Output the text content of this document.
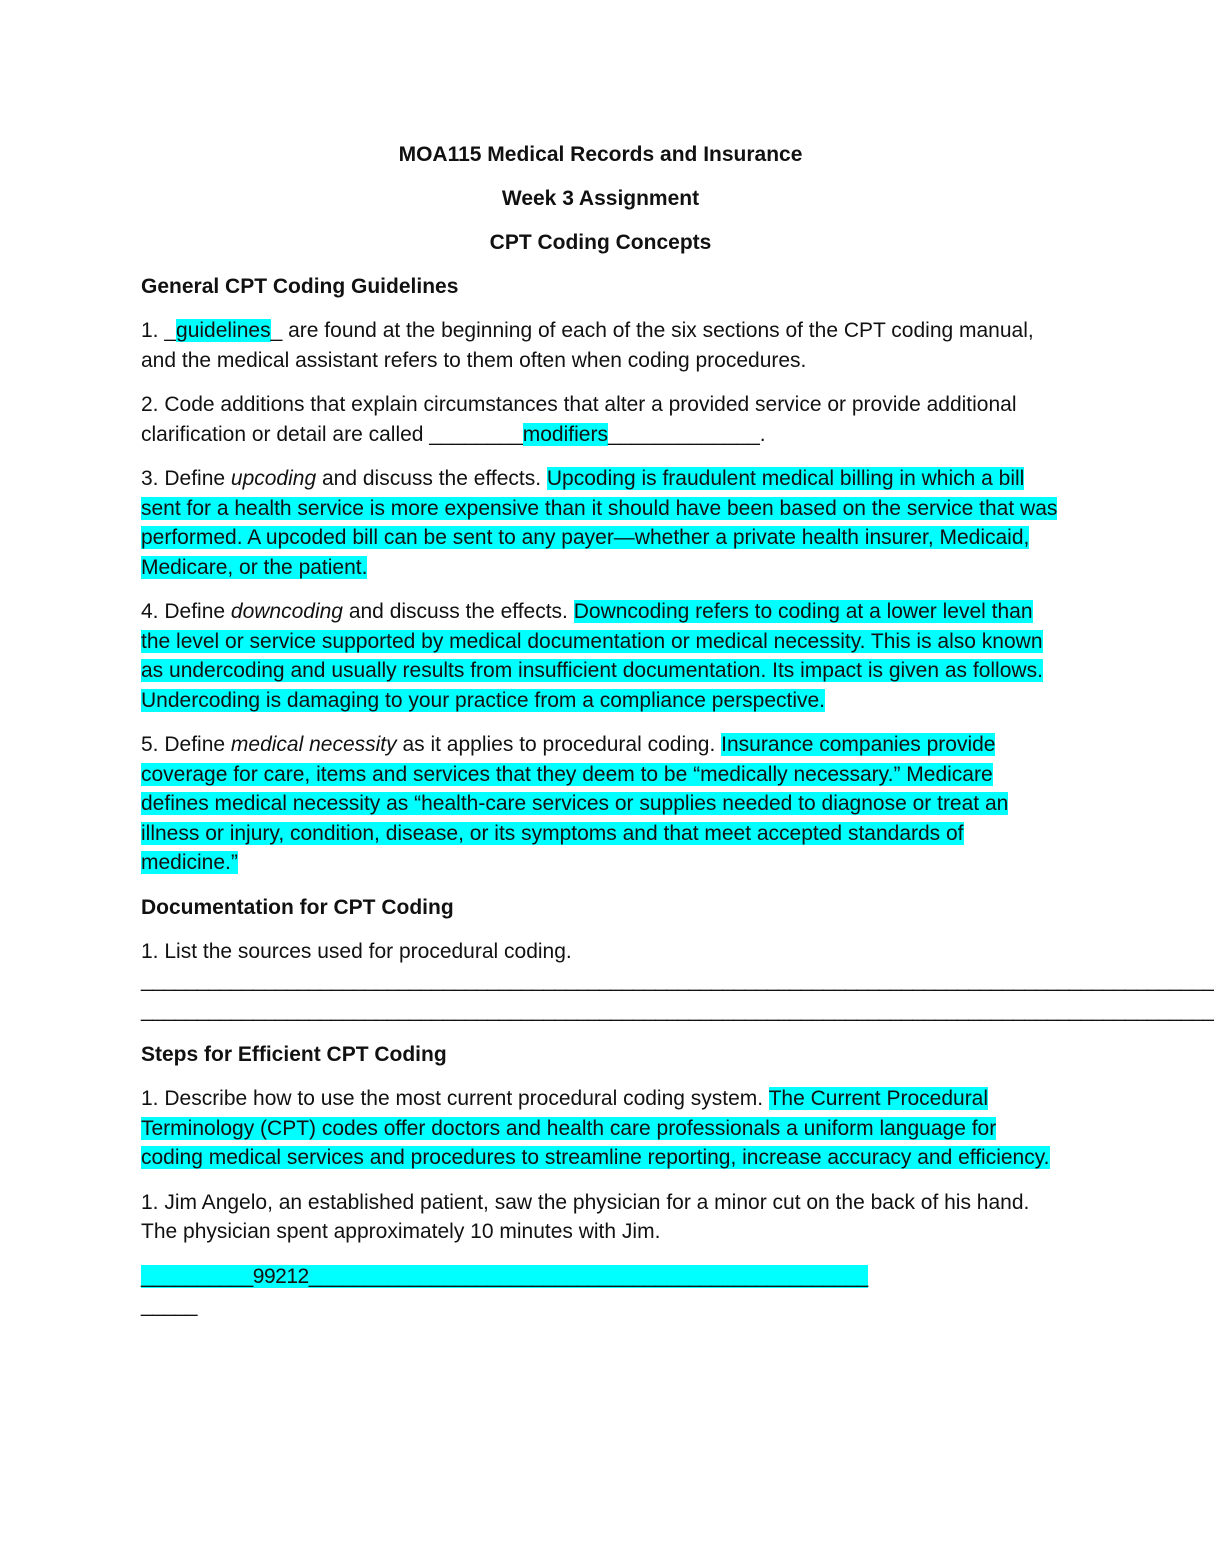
MOA115 Medical Records and Insurance
Week 3 Assignment
CPT Coding Concepts
General CPT Coding Guidelines

1. _guidelines_ are found at the beginning of each of the six sections of the CPT coding manual, and the medical assistant refers to them often when coding procedures.

2. Code additions that explain circumstances that alter a provided service or provide additional clarification or detail are called ________modifiers_____________.

3. Define upcoding and discuss the effects. Upcoding is fraudulent medical billing in which a bill sent for a health service is more expensive than it should have been based on the service that was performed. A upcoded bill can be sent to any payer—whether a private health insurer, Medicaid, Medicare, or the patient.

4. Define downcoding and discuss the effects. Downcoding refers to coding at a lower level than the level or service supported by medical documentation or medical necessity. This is also known as undercoding and usually results from insufficient documentation. Its impact is given as follows. Undercoding is damaging to your practice from a compliance perspective.

5. Define medical necessity as it applies to procedural coding. Insurance companies provide coverage for care, items and services that they deem to be “medically necessary.” Medicare defines medical necessity as “health-care services or supplies needed to diagnose or treat an illness or injury, condition, disease, or its symptoms and that meet accepted standards of medicine.”

Documentation for CPT Coding

1. List the sources used for procedural coding.

________________________________________________________________________________________________
________________________________________________________________________________________________
Steps for Efficient CPT Coding

1. Describe how to use the most current procedural coding system. The Current Procedural Terminology (CPT) codes offer doctors and health care professionals a uniform language for coding medical services and procedures to streamline reporting, increase accuracy and efficiency.

1. Jim Angelo, an established patient, saw the physician for a minor cut on the back of his hand. The physician spent approximately 10 minutes with Jim.

__________99212__________________________________________________
_____
